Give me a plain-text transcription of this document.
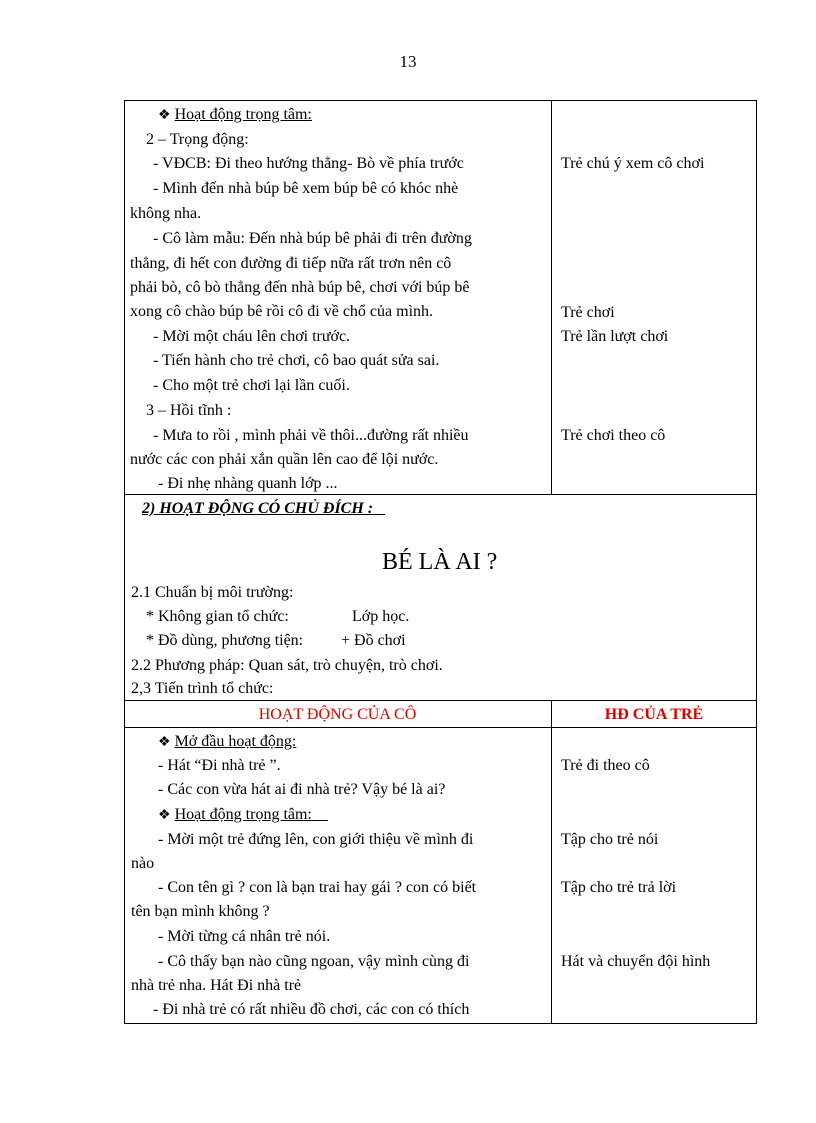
13
❖ Hoạt động trọng tâm:
2 – Trọng động:
- VĐCB: Đi theo hướng thẳng- Bò về phía trước
- Mình đến nhà búp bê xem búp bê có khóc nhè
không nha.
- Cô làm mẫu: Đến nhà búp bê phải đi trên đường
thẳng, đi hết con đường đi tiếp nữa rất trơn nên cô
phải bò, cô bò thẳng đến nhà búp bê, chơi với búp bê
xong cô chào búp bê rồi cô đi về chổ của mình.
- Mời một cháu lên chơi trước.
- Tiến hành cho trẻ chơi, cô bao quát sửa sai.
- Cho một trẻ chơi lại lần cuối.
3 – Hồi tĩnh :
- Mưa to rồi , mình phải về thôi...đường rất nhiều
nước các con phải xắn quần lên cao để lội nước.
- Đi nhẹ nhàng quanh lớp ...
Trẻ chú ý xem cô chơi
Trẻ chơi
Trẻ lần lượt chơi
Trẻ chơi theo cô
2) HOẠT ĐỘNG CÓ CHỦ ĐÍCH :
BÉ LÀ AI ?
2.1 Chuẩn bị môi trường:
* Không gian tổ chức:	Lớp học.
* Đồ dùng, phương tiện: + Đồ chơi
2.2 Phương pháp: Quan sát, trò chuyện, trò chơi.
2,3 Tiến trình tổ chức:
HOẠT ĐỘNG CỦA CÔ	HĐ CỦA TRẺ
❖ Mở đầu hoạt động:
- Hát “Đi nhà trẻ ”.
- Các con vừa hát ai đi nhà trẻ? Vậy bé là ai?
❖ Hoạt động trọng tâm:
- Mời một trẻ đứng lên, con giới thiệu về mình đi
nào
- Con tên gì ? con là bạn trai hay gái ? con có biết
tên bạn mình không ?
- Mời từng cá nhân trẻ nói.
- Cô thấy bạn nào cũng ngoan, vậy mình cùng đi
nhà trẻ nha. Hát Đi nhà trẻ
- Đi nhà trẻ có rất nhiều đồ chơi, các con có thích
Trẻ đi theo cô
Tập cho trẻ nói
Tập cho trẻ trả lời
Hát và chuyển đội hình
